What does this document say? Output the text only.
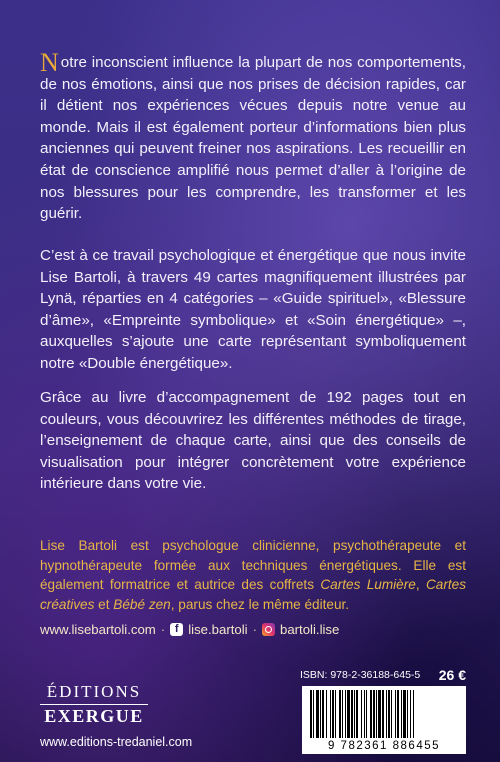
Notre inconscient influence la plupart de nos comportements, de nos émotions, ainsi que nos prises de décision rapides, car il détient nos expériences vécues depuis notre venue au monde. Mais il est également porteur d’informations bien plus anciennes qui peuvent freiner nos aspirations. Les recueillir en état de conscience amplifié nous permet d’aller à l’origine de nos blessures pour les comprendre, les transformer et les guérir.
C’est à ce travail psychologique et énergétique que nous invite Lise Bartoli, à travers 49 cartes magnifiquement illustrées par Lynä, réparties en 4 catégories – «Guide spirituel», «Blessure d’âme», «Empreinte symbolique» et «Soin énergétique» –, auxquelles s’ajoute une carte représentant symboliquement notre «Double énergétique».
Grâce au livre d’accompagnement de 192 pages tout en couleurs, vous découvrirez les différentes méthodes de tirage, l’enseignement de chaque carte, ainsi que des conseils de visualisation pour intégrer concrètement votre expérience intérieure dans votre vie.
Lise Bartoli est psychologue clinicienne, psychothérapeute et hypnothérapeute formée aux techniques énergétiques. Elle est également formatrice et autrice des coffrets Cartes Lumière, Cartes créatives et Bébé zen, parus chez le même éditeur.
www.lisebartoli.com · f lise.bartoli · bartoli.lise
ÉDITIONS
EXERGUE
www.editions-tredaniel.com
ISBN: 978-2-36188-645-5 26 €
9 782361 886455
